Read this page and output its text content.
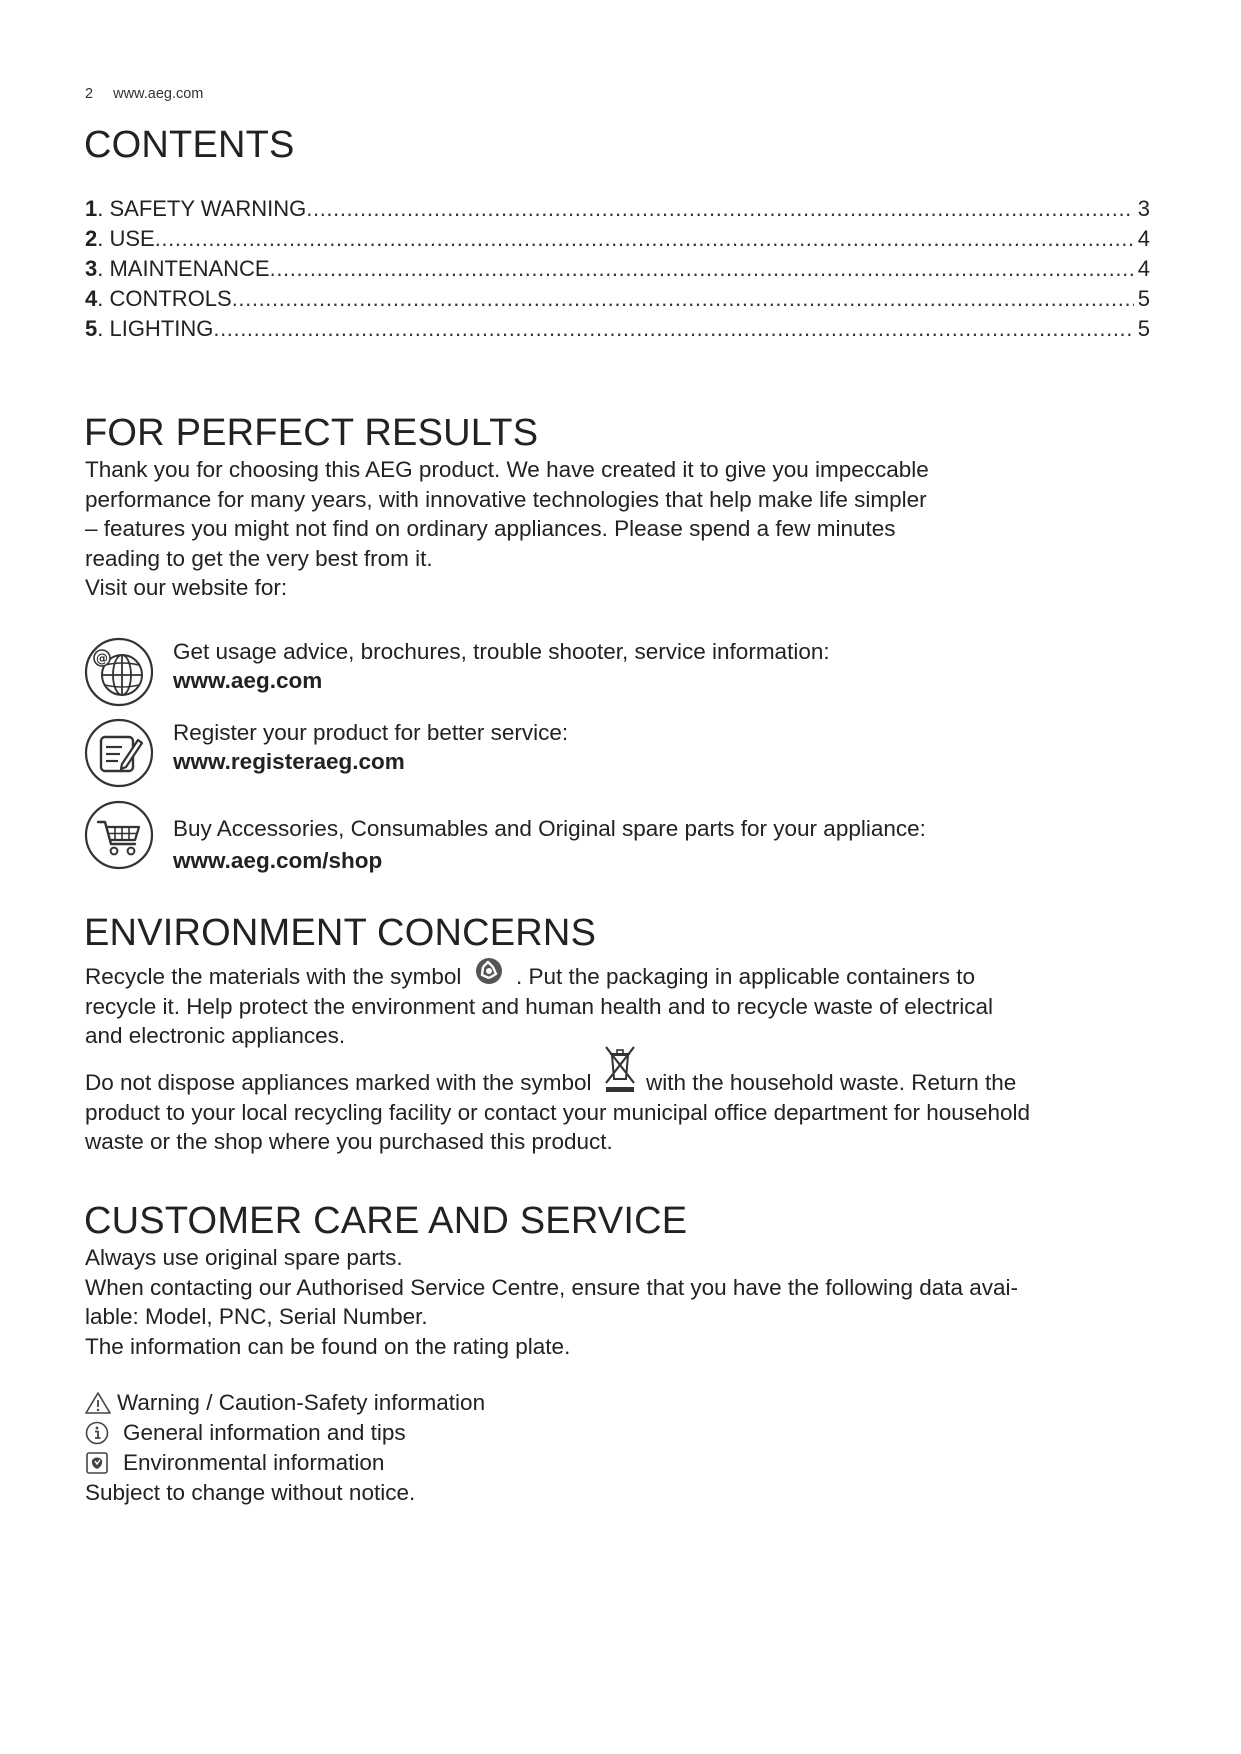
2 www.aeg.com
CONTENTS
1 . SAFETY WARNING .....	3
2 . USE .....	4
3 . MAINTENANCE .....	4
4 . CONTROLS .....	5
5 . LIGHTING .....	5
FOR PERFECT RESULTS
Thank you for choosing this AEG product. We have created it to give you impeccable
performance for many years, with innovative technologies that help make life simpler
– features you might not find on ordinary appliances. Please spend a few minutes
reading to get the very best from it.
Visit our website for:
@	Get usage advice, brochures, trouble shooter, service information:
www.aeg.com
Register your product for better service:
www.registeraeg.com
Buy Accessories, Consumables and Original spare parts for your appliance:
www.aeg.com/shop
ENVIRONMENT CONCERNS
Recycle the materials with the symbol . Put the packaging in applicable containers to
recycle it. Help protect the environment and human health and to recycle waste of electrical
and electronic appliances.
Do not dispose appliances marked with the symbol with the household waste. Return the
product to your local recycling facility or contact your municipal office department for household
waste or the shop where you purchased this product.
CUSTOMER CARE AND SERVICE
Always use original spare parts.
When contacting our Authorised Service Centre, ensure that you have the following data avai-
lable: Model, PNC, Serial Number.
The information can be found on the rating plate.
Warning / Caution-Safety information
General information and tips
Environmental information
Subject to change without notice.
